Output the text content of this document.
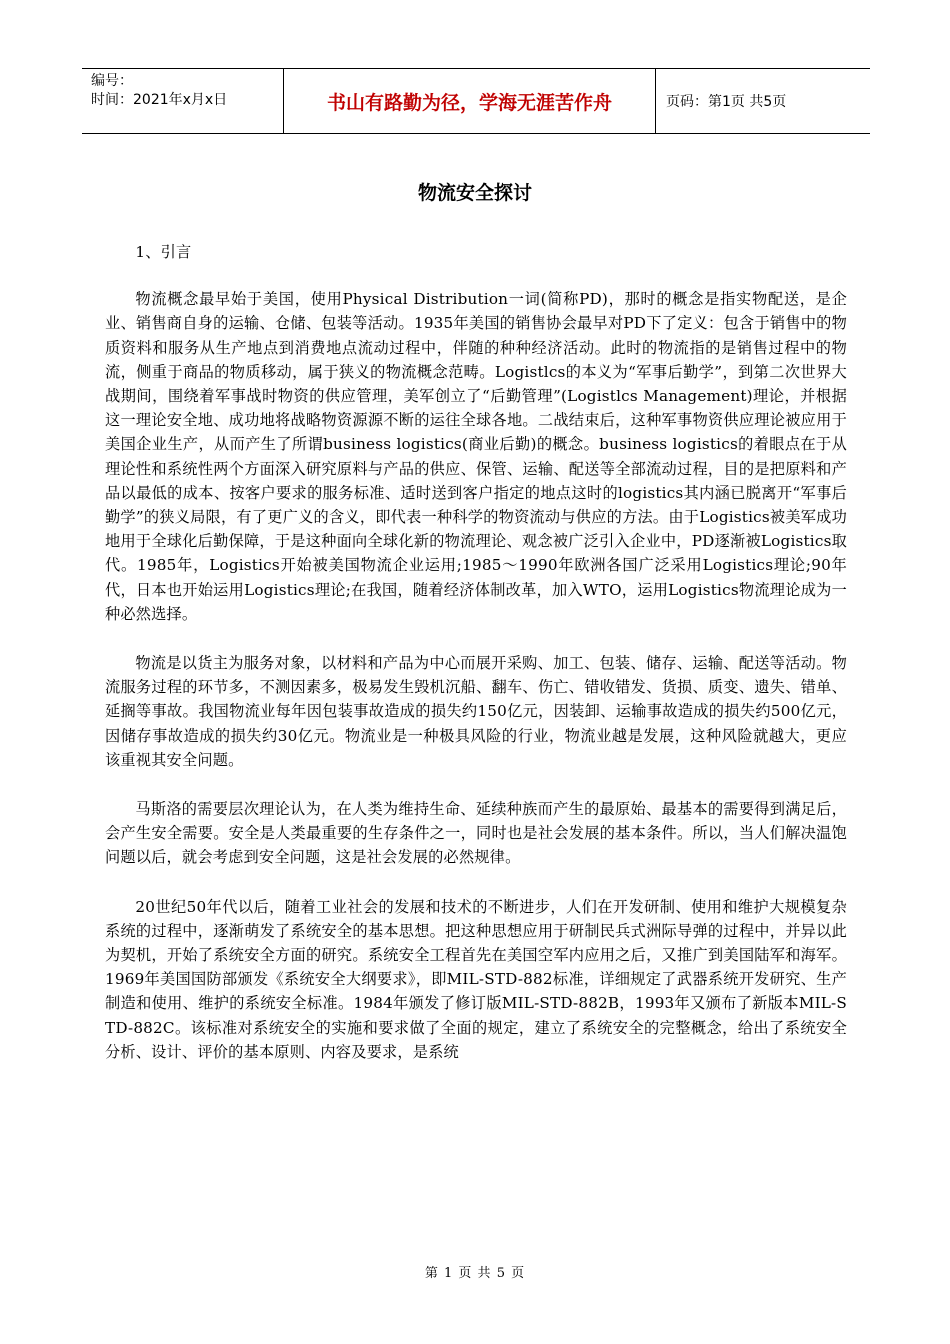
编号：
时间：2021年x月x日	书山有路勤为径，学海无涯苦作舟	页码：第1页 共5页
物流安全探讨

1、引言

物流概念最早始于美国，使用Physical Distribution一词(简称PD)，那时的概念是指实物配送，是企业、销售商自身的运输、仓储、包装等活动。1935年美国的销售协会最早对PD下了定义：包含于销售中的物质资料和服务从生产地点到消费地点流动过程中，伴随的种种经济活动。此时的物流指的是销售过程中的物流，侧重于商品的物质移动，属于狭义的物流概念范畴。Logistlcs的本义为“军事后勤学”，到第二次世界大战期间，围绕着军事战时物资的供应管理，美军创立了“后勤管理”(Logistlcs Management)理论，并根据这一理论安全地、成功地将战略物资源源不断的运往全球各地。二战结束后，这种军事物资供应理论被应用于美国企业生产，从而产生了所谓business logistics(商业后勤)的概念。business logistics的着眼点在于从理论性和系统性两个方面深入研究原料与产品的供应、保管、运输、配送等全部流动过程，目的是把原料和产品以最低的成本、按客户要求的服务标准、适时送到客户指定的地点这时的logistics其内涵已脱离开“军事后勤学”的狭义局限，有了更广义的含义，即代表一种科学的物资流动与供应的方法。由于Logistics被美军成功地用于全球化后勤保障，于是这种面向全球化新的物流理论、观念被广泛引入企业中，PD逐渐被Logistics取代。1985年，Logistics开始被美国物流企业运用;1985～1990年欧洲各国广泛采用Logistics理论;90年代，日本也开始运用Logistics理论;在我国，随着经济体制改革，加入WTO，运用Logistics物流理论成为一种必然选择。

物流是以货主为服务对象，以材料和产品为中心而展开采购、加工、包装、储存、运输、配送等活动。物流服务过程的环节多，不测因素多，极易发生毁机沉船、翻车、伤亡、错收错发、货损、质变、遗失、错单、延搁等事故。我国物流业每年因包装事故造成的损失约150亿元，因装卸、运输事故造成的损失约500亿元，因储存事故造成的损失约30亿元。物流业是一种极具风险的行业，物流业越是发展，这种风险就越大，更应该重视其安全问题。

马斯洛的需要层次理论认为，在人类为维持生命、延续种族而产生的最原始、最基本的需要得到满足后，会产生安全需要。安全是人类最重要的生存条件之一，同时也是社会发展的基本条件。所以，当人们解决温饱问题以后，就会考虑到安全问题，这是社会发展的必然规律。

20世纪50年代以后，随着工业社会的发展和技术的不断进步，人们在开发研制、使用和维护大规模复杂系统的过程中，逐渐萌发了系统安全的基本思想。把这种思想应用于研制民兵式洲际导弹的过程中，并异以此为契机，开始了系统安全方面的研究。系统安全工程首先在美国空军内应用之后，又推广到美国陆军和海军。1969年美国国防部颁发《系统安全大纲要求》，即MIL-STD-882标准，详细规定了武器系统开发研究、生产制造和使用、维护的系统安全标准。1984年颁发了修订版MIL-STD-882B，1993年又颁布了新版本MIL-STD-882C。该标准对系统安全的实施和要求做了全面的规定，建立了系统安全的完整概念，给出了系统安全分析、设计、评价的基本原则、内容及要求，是系统

第 1 页 共 5 页
